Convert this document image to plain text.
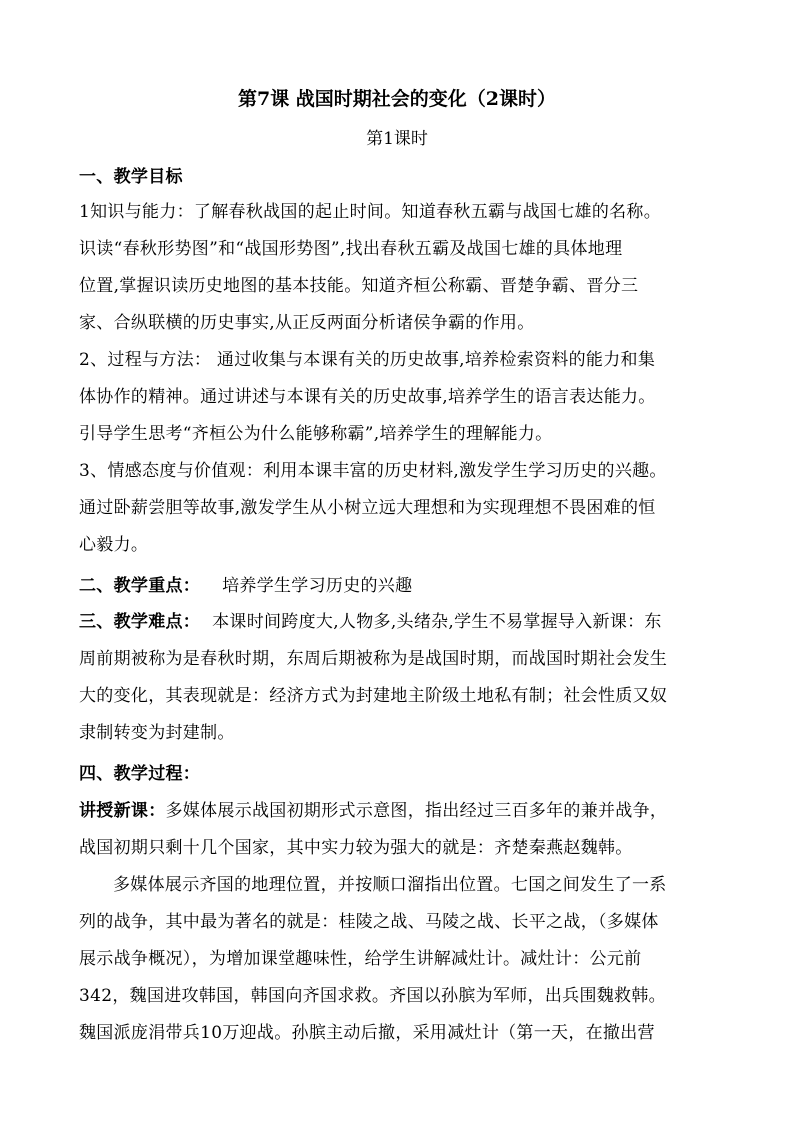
第7课 战国时期社会的变化（2课时）
第1课时
一、教学目标
1知识与能力：了解春秋战国的起止时间。知道春秋五霸与战国七雄的名称。
识读“春秋形势图”和“战国形势图”,找出春秋五霸及战国七雄的具体地理
位置,掌握识读历史地图的基本技能。知道齐桓公称霸、晋楚争霸、晋分三
家、合纵联横的历史事实,从正反两面分析诸侯争霸的作用。
2、过程与方法： 通过收集与本课有关的历史故事,培养检索资料的能力和集
体协作的精神。通过讲述与本课有关的历史故事,培养学生的语言表达能力。
引导学生思考“齐桓公为什么能够称霸”,培养学生的理解能力。
3、情感态度与价值观：利用本课丰富的历史材料,激发学生学习历史的兴趣。
通过卧薪尝胆等故事,激发学生从小树立远大理想和为实现理想不畏困难的恒
心毅力。
二、教学重点： 培养学生学习历史的兴趣
三、教学难点： 本课时间跨度大,人物多,头绪杂,学生不易掌握导入新课：东
周前期被称为是春秋时期，东周后期被称为是战国时期，而战国时期社会发生
大的变化，其表现就是：经济方式为封建地主阶级土地私有制；社会性质又奴
隶制转变为封建制。
四、教学过程：
讲授新课：多媒体展示战国初期形式示意图，指出经过三百多年的兼并战争，
战国初期只剩十几个国家，其中实力较为强大的就是：齐楚秦燕赵魏韩。
多媒体展示齐国的地理位置，并按顺口溜指出位置。七国之间发生了一系
列的战争，其中最为著名的就是：桂陵之战、马陵之战、长平之战，（多媒体
展示战争概况），为增加课堂趣味性，给学生讲解减灶计。减灶计：公元前
342，魏国进攻韩国，韩国向齐国求救。齐国以孙膑为军师，出兵围魏救韩。
魏国派庞涓带兵10万迎战。孙膑主动后撤，采用减灶计（第一天，在撤出营
